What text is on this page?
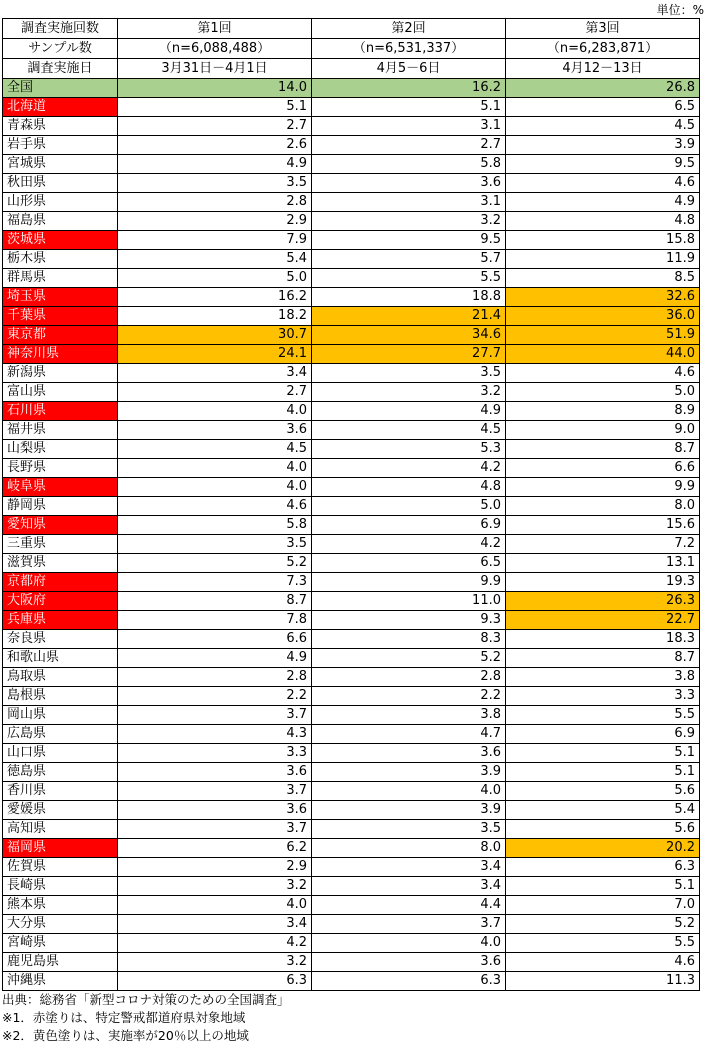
単位：%
調査実施回数	第1回	第2回	第3回
サンプル数	（n=6,088,488）	（n=6,531,337）	（n=6,283,871）
調査実施日	3月31日－4月1日	4月5－6日	4月12－13日
全国	14.0	16.2	26.8
北海道	5.1	5.1	6.5
青森県	2.7	3.1	4.5
岩手県	2.6	2.7	3.9
宮城県	4.9	5.8	9.5
秋田県	3.5	3.6	4.6
山形県	2.8	3.1	4.9
福島県	2.9	3.2	4.8
茨城県	7.9	9.5	15.8
栃木県	5.4	5.7	11.9
群馬県	5.0	5.5	8.5
埼玉県	16.2	18.8	32.6
千葉県	18.2	21.4	36.0
東京都	30.7	34.6	51.9
神奈川県	24.1	27.7	44.0
新潟県	3.4	3.5	4.6
富山県	2.7	3.2	5.0
石川県	4.0	4.9	8.9
福井県	3.6	4.5	9.0
山梨県	4.5	5.3	8.7
長野県	4.0	4.2	6.6
岐阜県	4.0	4.8	9.9
静岡県	4.6	5.0	8.0
愛知県	5.8	6.9	15.6
三重県	3.5	4.2	7.2
滋賀県	5.2	6.5	13.1
京都府	7.3	9.9	19.3
大阪府	8.7	11.0	26.3
兵庫県	7.8	9.3	22.7
奈良県	6.6	8.3	18.3
和歌山県	4.9	5.2	8.7
鳥取県	2.8	2.8	3.8
島根県	2.2	2.2	3.3
岡山県	3.7	3.8	5.5
広島県	4.3	4.7	6.9
山口県	3.3	3.6	5.1
徳島県	3.6	3.9	5.1
香川県	3.7	4.0	5.6
愛媛県	3.6	3.9	5.4
高知県	3.7	3.5	5.6
福岡県	6.2	8.0	20.2
佐賀県	2.9	3.4	6.3
長崎県	3.2	3.4	5.1
熊本県	4.0	4.4	7.0
大分県	3.4	3.7	5.2
宮崎県	4.2	4.0	5.5
鹿児島県	3.2	3.6	4.6
沖縄県	6.3	6.3	11.3
出典：総務省「新型コロナ対策のための全国調査」
※1．赤塗りは、特定警戒都道府県対象地域
※2．黄色塗りは、実施率が20％以上の地域
